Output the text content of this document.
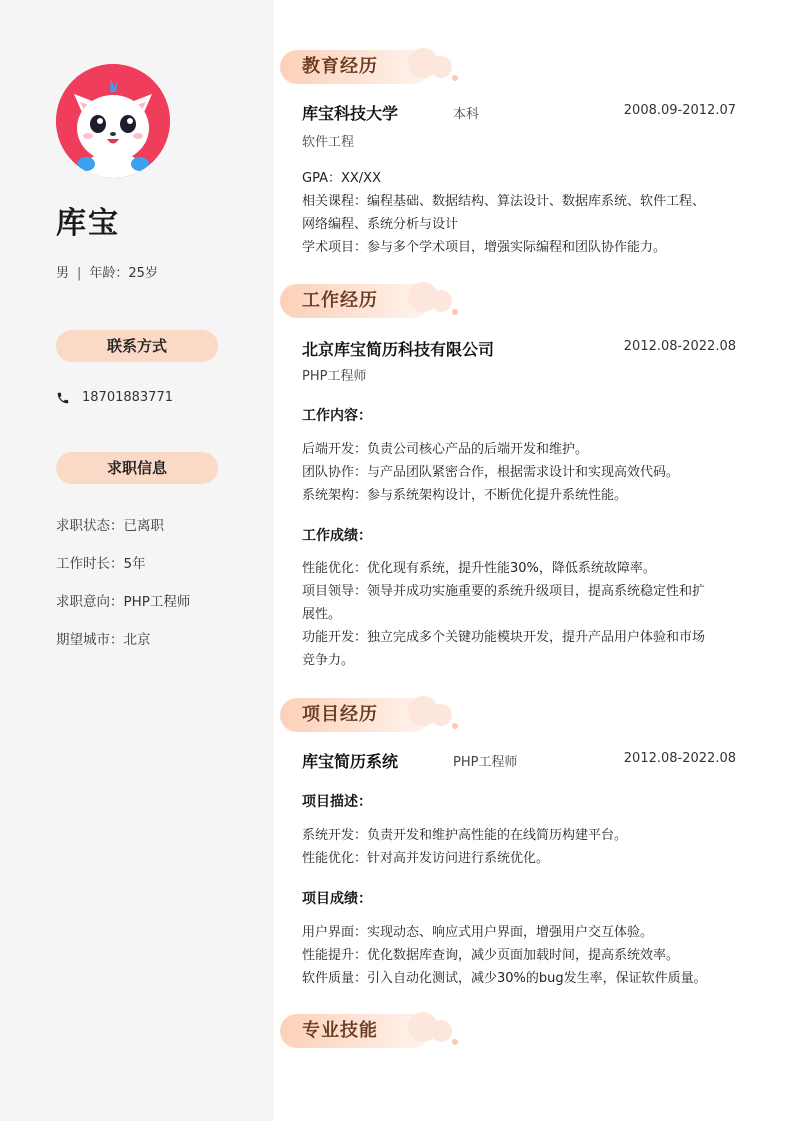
库宝
男 | 年龄：25岁
联系方式
18701883771
求职信息
求职状态：已离职
工作时长：5年
求职意向：PHP工程师
期望城市：北京
教育经历
库宝科技大学	本科	2008.09-2012.07
软件工程
GPA：XX/XX
相关课程：编程基础、数据结构、算法设计、数据库系统、软件工程、
网络编程、系统分析与设计
学术项目：参与多个学术项目，增强实际编程和团队协作能力。
工作经历
北京库宝简历科技有限公司	2012.08-2022.08
PHP工程师
工作内容：
后端开发：负责公司核心产品的后端开发和维护。
团队协作：与产品团队紧密合作，根据需求设计和实现高效代码。
系统架构：参与系统架构设计，不断优化提升系统性能。
工作成绩：
性能优化：优化现有系统，提升性能30%，降低系统故障率。
项目领导：领导并成功实施重要的系统升级项目，提高系统稳定性和扩
展性。
功能开发：独立完成多个关键功能模块开发，提升产品用户体验和市场
竞争力。
项目经历
库宝简历系统	PHP工程师	2012.08-2022.08
项目描述：
系统开发：负责开发和维护高性能的在线简历构建平台。
性能优化：针对高并发访问进行系统优化。
项目成绩：
用户界面：实现动态、响应式用户界面，增强用户交互体验。
性能提升：优化数据库查询，减少页面加载时间，提高系统效率。
软件质量：引入自动化测试，减少30%的bug发生率，保证软件质量。
专业技能
